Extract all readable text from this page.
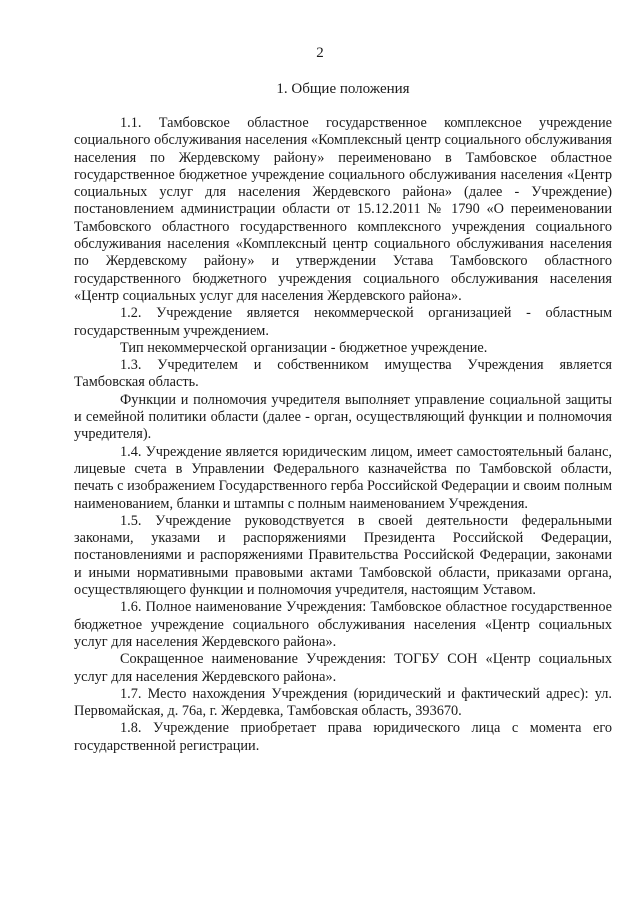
2
1. Общие положения

1.1. Тамбовское областное государственное комплексное учреждение социального обслуживания населения «Комплексный центр социального обслуживания населения по Жердевскому району» переименовано в Тамбовское областное государственное бюджетное учреждение социального обслуживания населения «Центр социальных услуг для населения Жердевского района» (далее - Учреждение) постановлением администрации области от 15.12.2011 № 1790 «О переименовании Тамбовского областного государственного комплексного учреждения социального обслуживания населения «Комплексный центр социального обслуживания населения по Жердевскому району» и утверждении Устава Тамбовского областного государственного бюджетного учреждения социального обслуживания населения «Центр социальных услуг для населения Жердевского района».

1.2. Учреждение является некоммерческой организацией - областным государственным учреждением.

Тип некоммерческой организации - бюджетное учреждение.

1.3. Учредителем и собственником имущества Учреждения является Тамбовская область.

Функции и полномочия учредителя выполняет управление социальной защиты и семейной политики области (далее - орган, осуществляющий функции и полномочия учредителя).

1.4. Учреждение является юридическим лицом, имеет самостоятельный баланс, лицевые счета в Управлении Федерального казначейства по Тамбовской области, печать с изображением Государственного герба Российской Федерации и своим полным наименованием, бланки и штампы с полным наименованием Учреждения.

1.5. Учреждение руководствуется в своей деятельности федеральными законами, указами и распоряжениями Президента Российской Федерации, постановлениями и распоряжениями Правительства Российской Федерации, законами и иными нормативными правовыми актами Тамбовской области, приказами органа, осуществляющего функции и полномочия учредителя, настоящим Уставом.

1.6. Полное наименование Учреждения: Тамбовское областное государственное бюджетное учреждение социального обслуживания населения «Центр социальных услуг для населения Жердевского района».

Сокращенное наименование Учреждения: ТОГБУ СОН «Центр социальных услуг для населения Жердевского района».

1.7. Место нахождения Учреждения (юридический и фактический адрес): ул. Первомайская, д. 76а, г. Жердевка, Тамбовская область, 393670.

1.8. Учреждение приобретает права юридического лица с момента его государственной регистрации.
